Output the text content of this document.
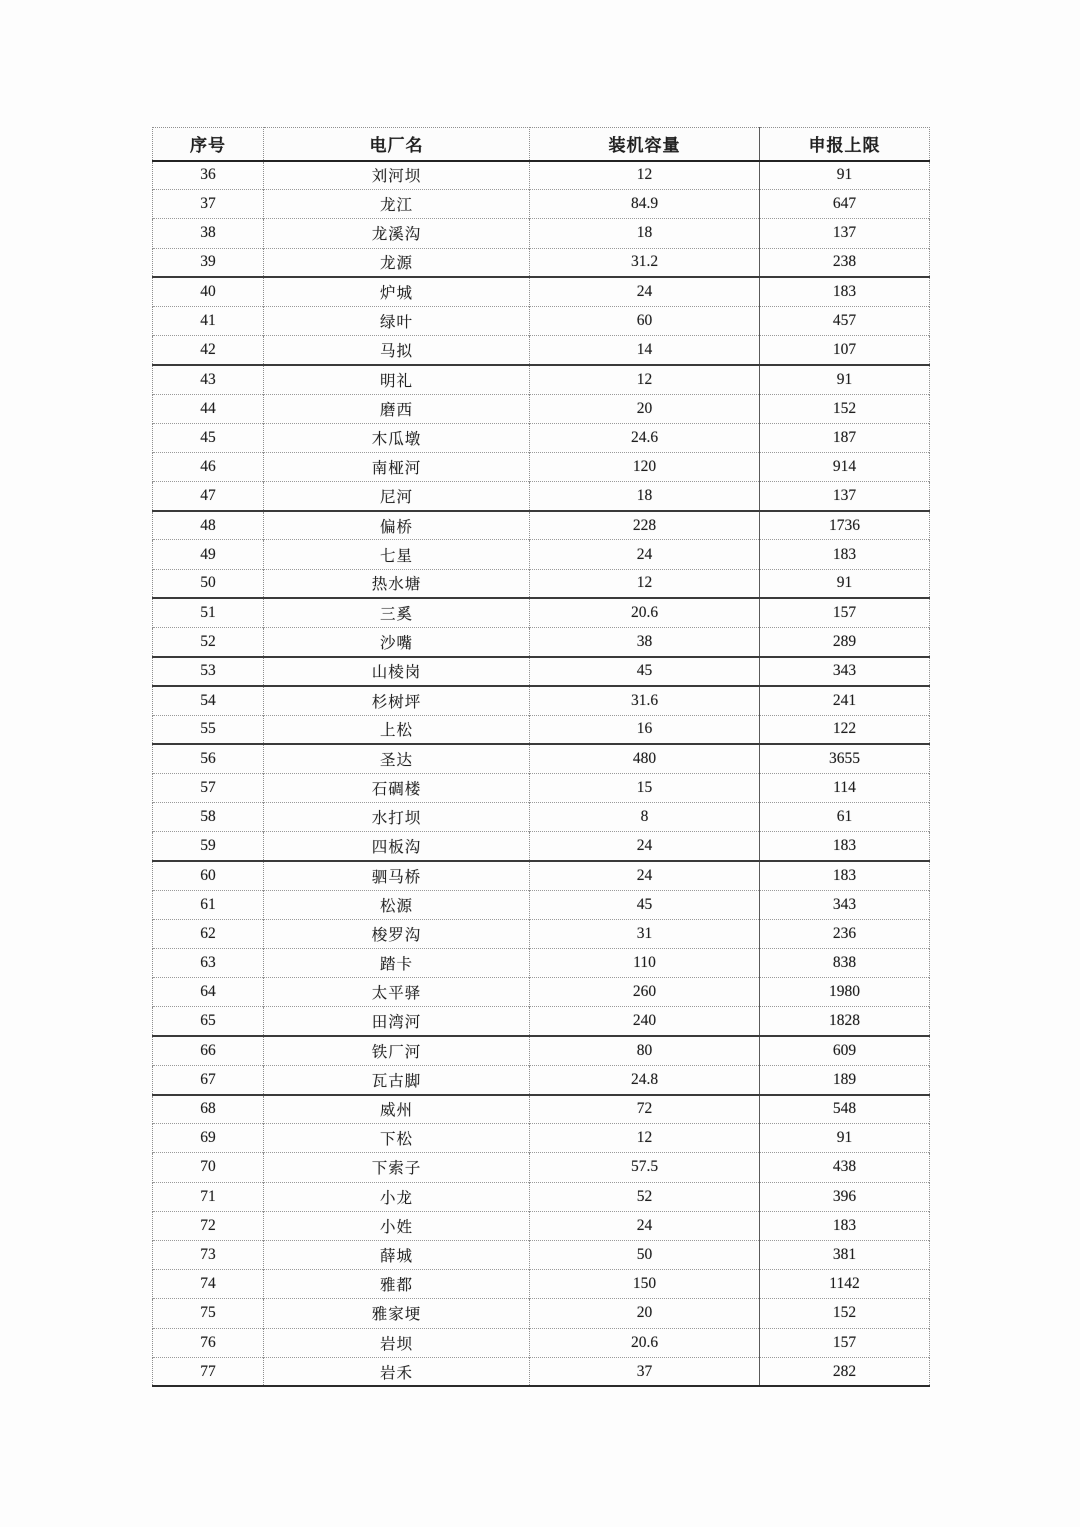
序号	电厂名	装机容量	申报上限
36	刘河坝	12	91
37	龙江	84.9	647
38	龙溪沟	18	137
39	龙源	31.2	238
40	炉城	24	183
41	绿叶	60	457
42	马拟	14	107
43	明礼	12	91
44	磨西	20	152
45	木瓜墩	24.6	187
46	南桠河	120	914
47	尼河	18	137
48	偏桥	228	1736
49	七星	24	183
50	热水塘	12	91
51	三奚	20.6	157
52	沙嘴	38	289
53	山棱岗	45	343
54	杉树坪	31.6	241
55	上松	16	122
56	圣达	480	3655
57	石碉楼	15	114
58	水打坝	8	61
59	四板沟	24	183
60	驷马桥	24	183
61	松源	45	343
62	梭罗沟	31	236
63	踏卡	110	838
64	太平驿	260	1980
65	田湾河	240	1828
66	铁厂河	80	609
67	瓦古脚	24.8	189
68	威州	72	548
69	下松	12	91
70	下索子	57.5	438
71	小龙	52	396
72	小姓	24	183
73	薛城	50	381
74	雅都	150	1142
75	雅家埂	20	152
76	岩坝	20.6	157
77	岩禾	37	282
